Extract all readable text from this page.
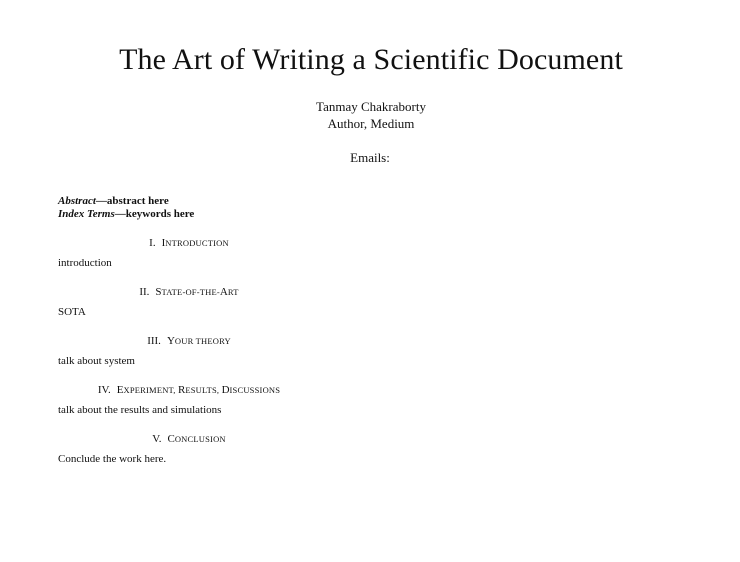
The Art of Writing a Scientific Document
Tanmay Chakraborty
Author, Medium
Emails:

Abstract—abstract here

Index Terms—keywords here

I. INTRODUCTION

introduction

II. STATE-OF-THE-ART

SOTA

III. YOUR THEORY

talk about system

IV. EXPERIMENT, RESULTS, DISCUSSIONS

talk about the results and simulations

V. CONCLUSION

Conclude the work here.
